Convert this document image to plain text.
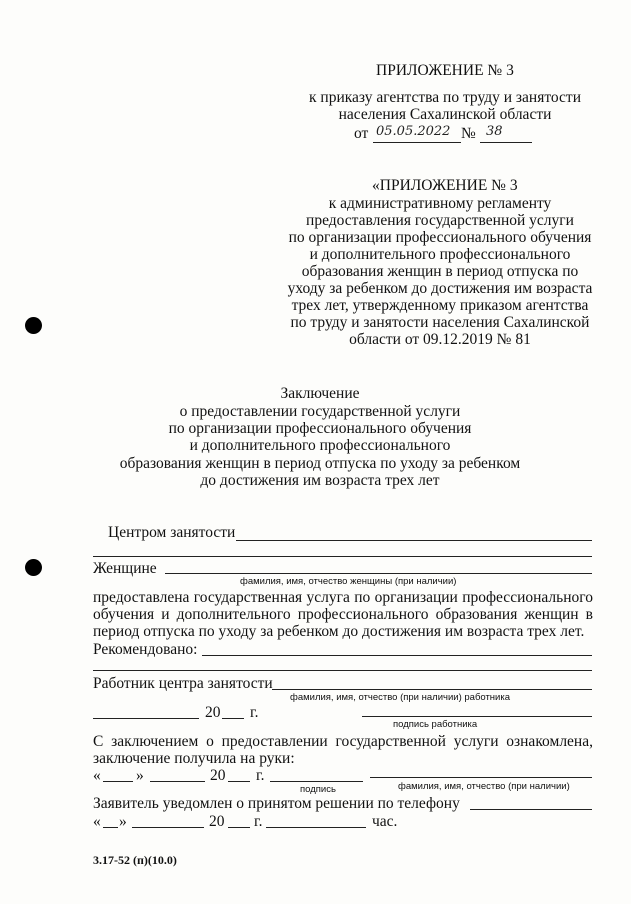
ПРИЛОЖЕНИЕ № 3
к приказу агентства по труду и занятости
населения Сахалинской области
от 05.05.2022 № 38
«ПРИЛОЖЕНИЕ № 3
к административному регламенту
предоставления государственной услуги
по организации профессионального обучения
и дополнительного профессионального
образования женщин в период отпуска по
уходу за ребенком до достижения им возраста
трех лет, утвержденному приказом агентства
по труду и занятости населения Сахалинской
области от 09.12.2019 № 81
Заключение
о предоставлении государственной услуги
по организации профессионального обучения
и дополнительного профессионального
образования женщин в период отпуска по уходу за ребенком
до достижения им возраста трех лет
Центром занятости
Женщине
фамилия, имя, отчество женщины (при наличии)
предоставлена государственная услуга по организации профессионального
обучения и дополнительного профессионального образования женщин в
период отпуска по уходу за ребенком до достижения им возраста трех лет.
Рекомендовано:
Работник центра занятости
фамилия, имя, отчество (при наличии) работника
20 г.
подпись работника
С заключением о предоставлении государственной услуги ознакомлена,
заключение получила на руки:
« »	20 г.
подпись	фамилия, имя, отчество (при наличии)
Заявитель уведомлен о принятом решении по телефону
« »	20 г.	час.
3.17-52 (п)(10.0)
